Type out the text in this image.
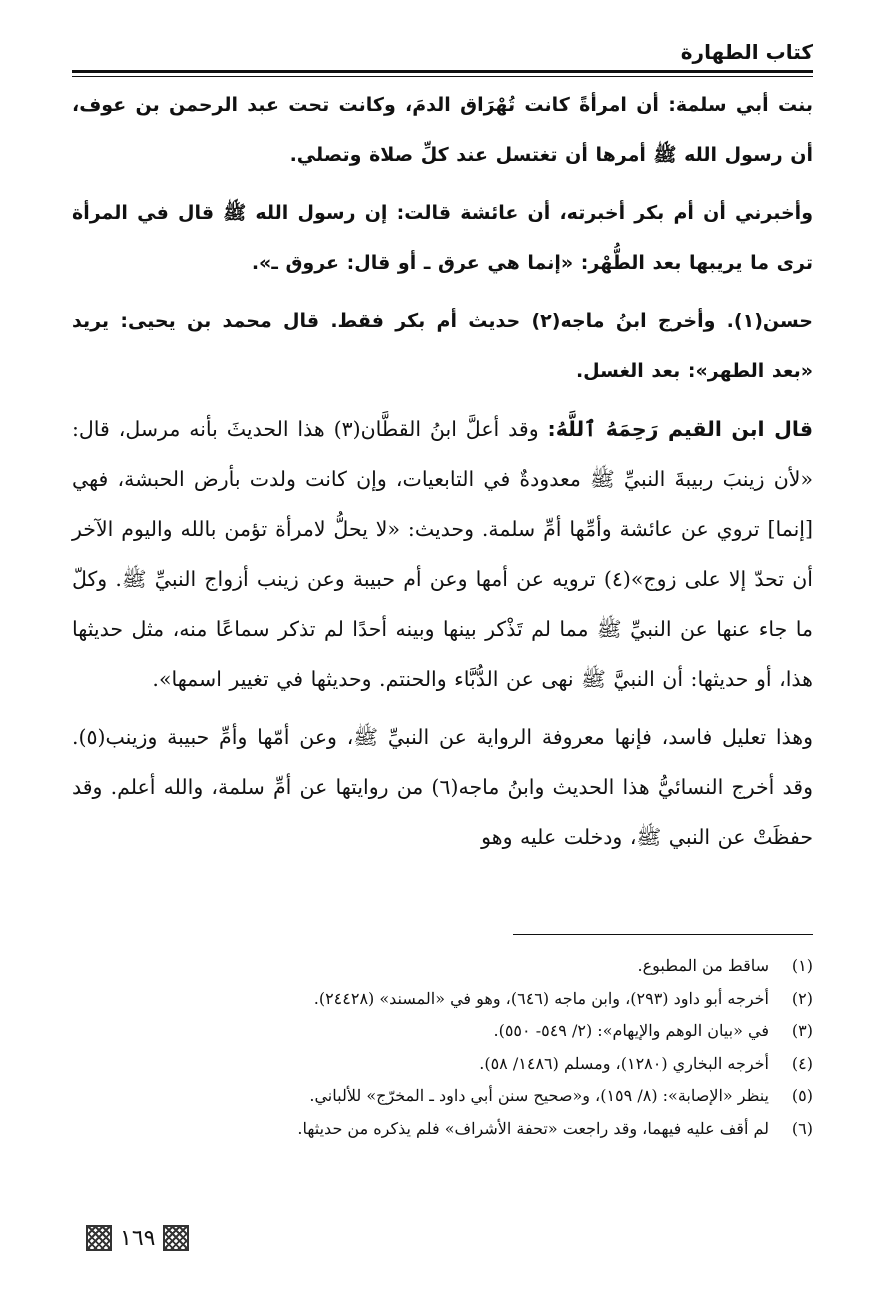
كتاب الطهارة

بنت أبي سلمة: أن امرأةً كانت تُهْرَاق الدمَ، وكانت تحت عبد الرحمن بن عوف، أن رسول الله ﷺ أمرها أن تغتسل عند كلِّ صلاة وتصلي.

وأخبرني أن أم بكر أخبرته، أن عائشة قالت: إن رسول الله ﷺ قال في المرأة ترى ما يريبها بعد الطُّهْر: «إنما هي عرق ـ أو قال: عروق ـ».

حسن(١). وأخرج ابنُ ماجه(٢) حديث أم بكر فقط. قال محمد بن يحيى: يريد «بعد الطهر»: بعد الغسل.

قال ابن القيم رَحِمَهُ ٱللَّهُ: وقد أعلَّ ابنُ القطَّان(٣) هذا الحديثَ بأنه مرسل، قال: «لأن زينبَ ربيبةَ النبيِّ ﷺ معدودةٌ في التابعيات، وإن كانت ولدت بأرض الحبشة، فهي [إنما] تروي عن عائشة وأمِّها أمِّ سلمة. وحديث: «لا يحلُّ لامرأة تؤمن بالله واليوم الآخر أن تحدّ إلا على زوج»(٤) ترويه عن أمها وعن أم حبيبة وعن زينب أزواج النبيِّ ﷺ. وكلّ ما جاء عنها عن النبيِّ ﷺ مما لم تَذْكر بينها وبينه أحدًا لم تذكر سماعًا منه، مثل حديثها هذا، أو حديثها: أن النبيَّ ﷺ نهى عن الدُّبَّاء والحنتم. وحديثها في تغيير اسمها».

وهذا تعليل فاسد، فإنها معروفة الرواية عن النبيِّ ﷺ، وعن أمّها وأمِّ حبيبة وزينب(٥). وقد أخرج النسائيُّ هذا الحديث وابنُ ماجه(٦) من روايتها عن أمِّ سلمة، والله أعلم. وقد حفظَتْ عن النبي ﷺ، ودخلت عليه وهو

(١)
ساقط من المطبوع.

(٢)
أخرجه أبو داود (٢٩٣)، وابن ماجه (٦٤٦)، وهو في «المسند» (٢٤٤٢٨).

(٣)
في «بيان الوهم والإيهام»: (٢/ ٥٤٩- ٥٥٠).

(٤)
أخرجه البخاري (١٢٨٠)، ومسلم (١٤٨٦/ ٥٨).

(٥)
ينظر «الإصابة»: (٨/ ١٥٩)، و«صحيح سنن أبي داود ـ المخرّج» للألباني.

(٦)
لم أقف عليه فيهما، وقد راجعت «تحفة الأشراف» فلم يذكره من حديثها.

١٦٩
